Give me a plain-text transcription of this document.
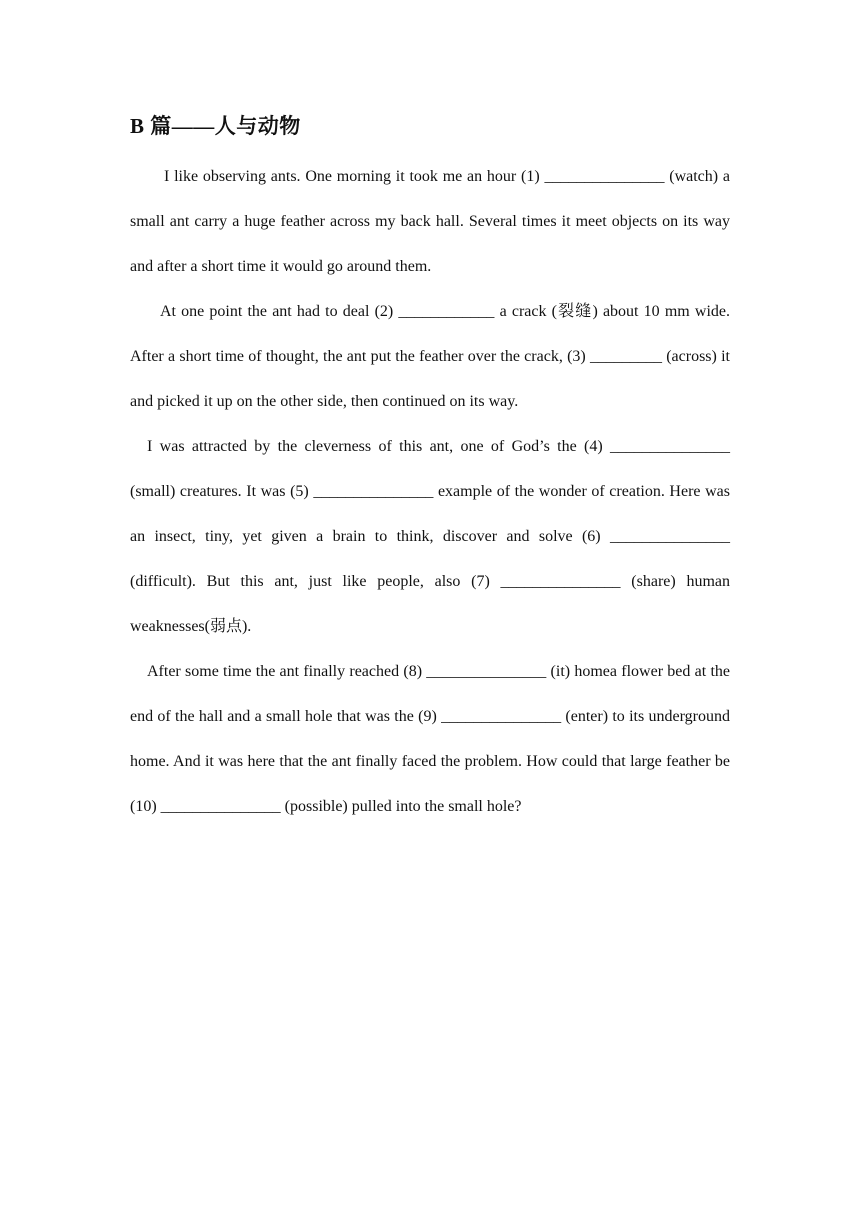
B 篇——人与动物

I like observing ants. One morning it took me an hour (1) _______________ (watch) a small ant carry a huge feather across my back hall. Several times it meet objects on its way and after a short time it would go around them.

At one point the ant had to deal (2) ____________ a crack (裂缝) about 10 mm wide. After a short time of thought, the ant put the feather over the crack, (3) _________ (across) it and picked it up on the other side, then continued on its way.

I was attracted by the cleverness of this ant, one of God’s the (4) _______________ (small) creatures. It was (5) _______________ example of the wonder of creation. Here was an insect, tiny, yet given a brain to think, discover and solve (6) _______________ (difficult). But this ant, just like people, also (7) _______________ (share) human weaknesses(弱点).

After some time the ant finally reached (8) _______________ (it) homea flower bed at the end of the hall and a small hole that was the (9) _______________ (enter) to its underground home. And it was here that the ant finally faced the problem. How could that large feather be (10) _______________ (possible) pulled into the small hole?
